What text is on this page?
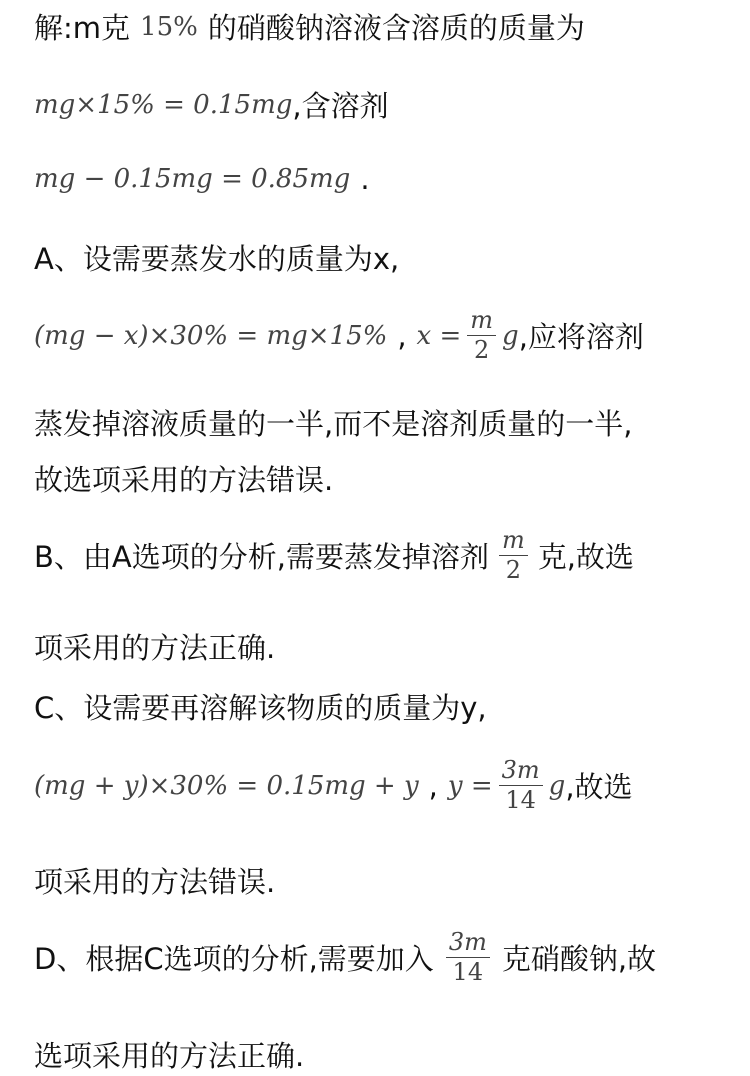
解:m克 15% 的硝酸钠溶液含溶质的质量为
mg×15% = 0.15mg ,含溶剂
mg − 0.15mg = 0.85mg .
A、设需要蒸发水的质量为x,
(mg − x)×30% = mg×15% , $x = \frac{m}{2}$ g ,应将溶剂
蒸发掉溶液质量的一半,而不是溶剂质量的一半,
故选项采用的方法错误.
B、由A选项的分析,需要蒸发掉溶剂 $\frac{m}{2}$ 克,故选
项采用的方法正确.
C、设需要再溶解该物质的质量为y,
(mg + y)×30% = 0.15mg + y , $y = \frac{3m}{14}$ g ,故选
项采用的方法错误.
D、根据C选项的分析,需要加入 $\frac{3m}{14}$ 克硝酸钠,故
选项采用的方法正确.
